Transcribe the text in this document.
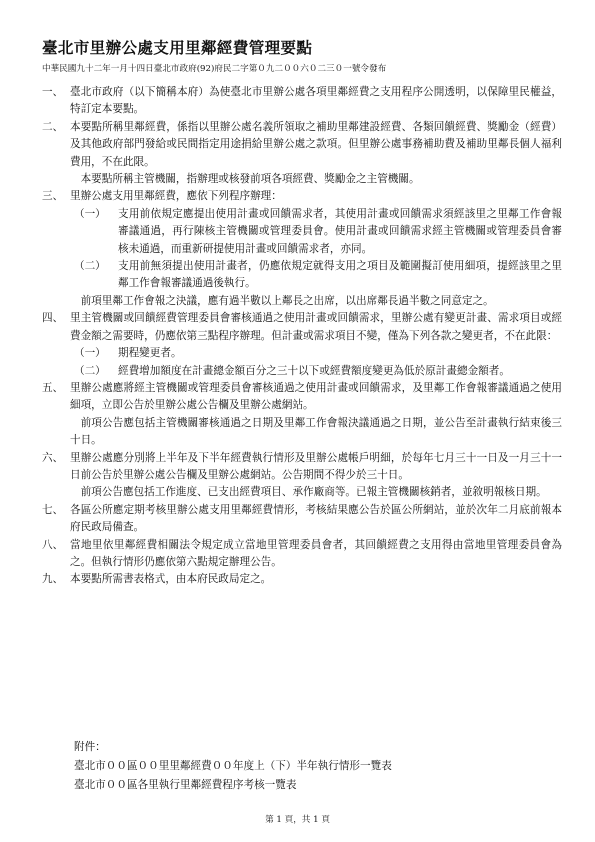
臺北市里辦公處支用里鄰經費管理要點
中華民國九十二年一月十四日臺北市政府(92)府民二字第０九二００六０二三０一號令發布
一、 臺北市政府（以下簡稱本府）為使臺北市里辦公處各項里鄰經費之支用程序公開透明，以保障里民權益，特訂定本要點。
二、 本要點所稱里鄰經費，係指以里辦公處名義所領取之補助里鄰建設經費、各類回饋經費、獎勵金（經費）及其他政府部門發給或民間指定用途捐給里辦公處之款項。但里辦公處事務補助費及補助里鄰長個人福利費用，不在此限。
本要點所稱主管機關，指辦理或核發前項各項經費、獎勵金之主管機關。
三、 里辦公處支用里鄰經費，應依下列程序辦理：
（一）	支用前依規定應提出使用計畫或回饋需求者，其使用計畫或回饋需求須經該里之里鄰工作會報審議通過，再行陳核主管機關或管理委員會。使用計畫或回饋需求經主管機關或管理委員會審核未通過，而重新研提使用計畫或回饋需求者，亦同。
（二）	支用前無須提出使用計畫者，仍應依規定就得支用之項目及範圍擬訂使用細項，提經該里之里鄰工作會報審議通過後執行。
前項里鄰工作會報之決議，應有過半數以上鄰長之出席，以出席鄰長過半數之同意定之。
四、 里主管機關或回饋經費管理委員會審核通過之使用計畫或回饋需求，里辦公處有變更計畫、需求項目或經費金額之需要時，仍應依第三點程序辦理。但計畫或需求項目不變，僅為下列各款之變更者，不在此限：
（一）	期程變更者。
（二）	經費增加額度在計畫總金額百分之三十以下或經費額度變更為低於原計畫總金額者。
五、 里辦公處應將經主管機關或管理委員會審核通過之使用計畫或回饋需求，及里鄰工作會報審議通過之使用細項，立即公告於里辦公處公告欄及里辦公處網站。
前項公告應包括主管機關審核通過之日期及里鄰工作會報決議通過之日期，並公告至計畫執行結束後三十日。
六、 里辦公處應分別將上半年及下半年經費執行情形及里辦公處帳戶明細，於每年七月三十一日及一月三十一日前公告於里辦公處公告欄及里辦公處網站。公告期間不得少於三十日。
前項公告應包括工作進度、已支出經費項目、承作廠商等。已報主管機關核銷者，並敘明報核日期。
七、 各區公所應定期考核里辦公處支用里鄰經費情形，考核結果應公告於區公所網站，並於次年二月底前報本府民政局備查。
八、 當地里依里鄰經費相關法令規定成立當地里管理委員會者，其回饋經費之支用得由當地里管理委員會為之。但執行情形仍應依第六點規定辦理公告。
九、 本要點所需書表格式，由本府民政局定之。
附件：
臺北市００區００里里鄰經費００年度上（下）半年執行情形一覽表
臺北市００區各里執行里鄰經費程序考核一覽表
第 1 頁，共 1 頁
